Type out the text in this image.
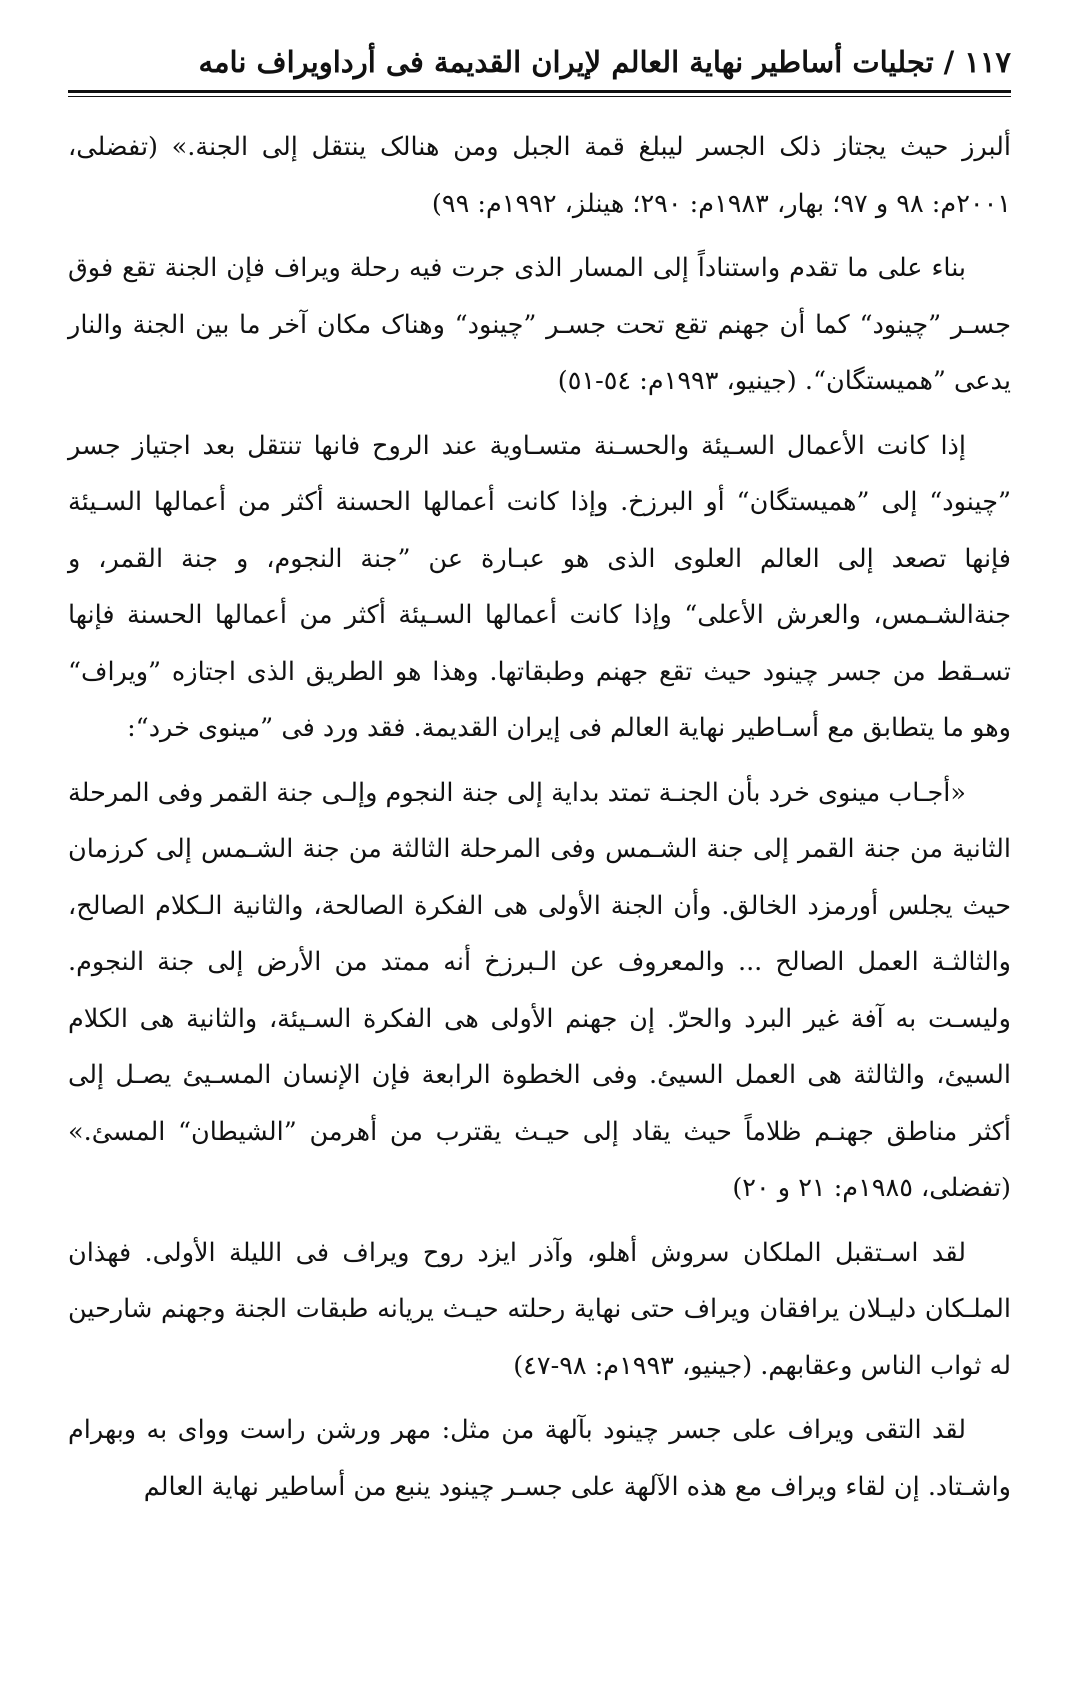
١١٧
/
تجليات أساطير نهاية العالم لإيران القديمة فى أرداويراف نامه

ألبرز حيث يجتاز ذلک الجسر ليبلغ قمة الجبل ومن هنالک ينتقل إلى الجنة.» (تفضلى، ٢٠٠١م: ٩٨ و ٩٧؛ بهار، ١٩٨٣م: ٢٩٠؛ هينلز، ١٩٩٢م: ٩٩)

بناء على ما تقدم واستناداً إلى المسار الذى جرت فيه رحلة ويراف فإن الجنة تقع فوق جسـر ”چينود“ كما أن جهنم تقع تحت جسـر ”چينود“ وهناک مكان آخر ما بين الجنة والنار يدعى ”هميستگان“. (جينيو، ١٩٩٣م: ٥٤-٥١)

إذا كانت الأعمال السـيئة والحسـنة متسـاوية عند الروح فانها تنتقل بعد اجتياز جسر ”چينود“ إلى ”هميستگان“ أو البرزخ. وإذا كانت أعمالها الحسنة أكثر من أعمالها السـيئة فإنها تصعد إلى العالم العلوى الذى هو عبـارة عن ”جنة النجوم، و جنة القمر، و جنةالشـمس، والعرش الأعلى“ وإذا كانت أعمالها السـيئة أكثر من أعمالها الحسنة فإنها تسـقط من جسر چينود حيث تقع جهنم وطبقاتها. وهذا هو الطريق الذى اجتازه ”ويراف“ وهو ما يتطابق مع أسـاطير نهاية العالم فى إيران القديمة. فقد ورد فى ”مينوى خرد“:

«أجـاب مينوى خرد بأن الجنـة تمتد بداية إلى جنة النجوم وإلـى جنة القمر وفى المرحلة الثانية من جنة القمر إلى جنة الشـمس وفى المرحلة الثالثة من جنة الشـمس إلى كرزمان حيث يجلس أورمزد الخالق. وأن الجنة الأولى هى الفكرة الصالحة، والثانية الـكلام الصالح، والثالثـة العمل الصالح ... والمعروف عن الـبرزخ أنه ممتد من الأرض إلى جنة النجوم. وليسـت به آفة غير البرد والحرّ. إن جهنم الأولى هى الفكرة السـيئة، والثانية هى الكلام السيئ، والثالثة هى العمل السيئ. وفى الخطوة الرابعة فإن الإنسان المسـيئ يصـل إلى أكثر مناطق جهنـم ظلاماً حيث يقاد إلى حيـث يقترب من أهرمن ”الشيطان“ المسئ.» (تفضلى، ١٩٨٥م: ٢١ و ٢٠)

لقد اسـتقبل الملكان سروش أهلو، وآذر ايزد روح ويراف فى الليلة الأولى. فهذان الملـكان دليـلان يرافقان ويراف حتى نهاية رحلته حيـث يريانه طبقات الجنة وجهنم شارحين له ثواب الناس وعقابهم. (جينيو، ١٩٩٣م: ٩٨-٤٧)

لقد التقى ويراف على جسر چينود بآلهة من مثل: مهر ورشن راست وواى به وبهرام واشـتاد. إن لقاء ويراف مع هذه الآلهة على جسـر چينود ينبع من أساطير نهاية العالم
